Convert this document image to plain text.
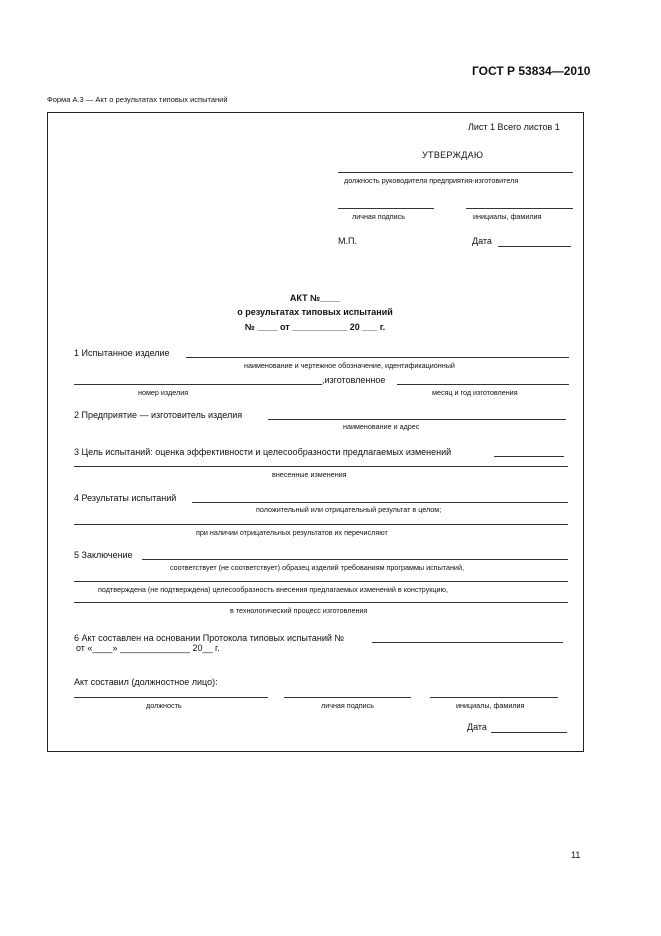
ГОСТ Р 53834—2010
Форма А.3 — Акт о результатах типовых испытаний
Лист 1 Всего листов 1
УТВЕРЖДАЮ
должность руководителя предприятия-изготовителя
личная подпись	инициалы, фамилия
М.П.	Дата
АКТ №____
о результатах типовых испытаний
№ ____ от ___________ 20 ___ г.
1 Испытанное изделие
наименование и чертежное обозначение, идентификационный
,изготовленное
номер изделия	месяц и год изготовления
2 Предприятие — изготовитель изделия
наименование и адрес
3 Цель испытаний: оценка эффективности и целесообразности предлагаемых изменений
внесенные изменения
4 Результаты испытаний
положительный или отрицательный результат в целом;
при наличии отрицательных результатов их перечисляют
5 Заключение
соответствует (не соответствует) образец изделий требованиям программы испытаний,
подтверждена (не подтверждена) целесообразность внесения предлагаемых изменений в конструкцию,
в технологический процесс изготовления
6 Акт составлен на основании Протокола типовых испытаний №
от «____» ______________ 20__ г.
Акт составил (должностное лицо):
должность	личная подпись	инициалы, фамилия
Дата
11
